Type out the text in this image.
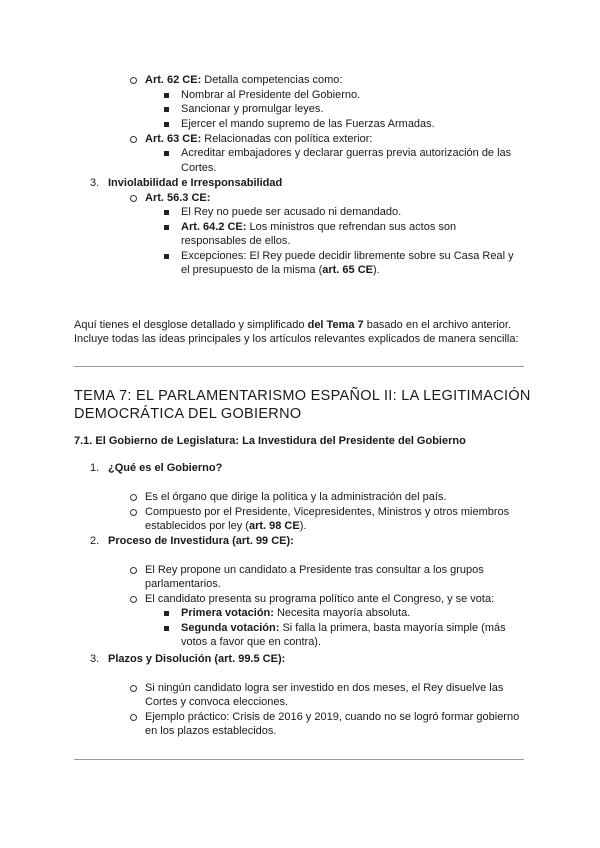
Art. 62 CE: Detalla competencias como:
Nombrar al Presidente del Gobierno.
Sancionar y promulgar leyes.
Ejercer el mando supremo de las Fuerzas Armadas.
Art. 63 CE: Relacionadas con política exterior:
Acreditar embajadores y declarar guerras previa autorización de las
Cortes.
3. Inviolabilidad e Irresponsabilidad
Art. 56.3 CE:
El Rey no puede ser acusado ni demandado.
Art. 64.2 CE: Los ministros que refrendan sus actos son
responsables de ellos.
Excepciones: El Rey puede decidir libremente sobre su Casa Real y
el presupuesto de la misma (art. 65 CE).
Aquí tienes el desglose detallado y simplificado del Tema 7 basado en el archivo anterior.
Incluye todas las ideas principales y los artículos relevantes explicados de manera sencilla:
TEMA 7: EL PARLAMENTARISMO ESPAÑOL II: LA LEGITIMACIÓN
DEMOCRÁTICA DEL GOBIERNO
7.1. El Gobierno de Legislatura: La Investidura del Presidente del Gobierno
1. ¿Qué es el Gobierno?
Es el órgano que dirige la política y la administración del país.
Compuesto por el Presidente, Vicepresidentes, Ministros y otros miembros
establecidos por ley (art. 98 CE).
2. Proceso de Investidura (art. 99 CE):
El Rey propone un candidato a Presidente tras consultar a los grupos
parlamentarios.
El candidato presenta su programa político ante el Congreso, y se vota:
Primera votación: Necesita mayoría absoluta.
Segunda votación: Si falla la primera, basta mayoría simple (más
votos a favor que en contra).
3. Plazos y Disolución (art. 99.5 CE):
Si ningún candidato logra ser investido en dos meses, el Rey disuelve las
Cortes y convoca elecciones.
Ejemplo práctico: Crisis de 2016 y 2019, cuando no se logró formar gobierno
en los plazos establecidos.
